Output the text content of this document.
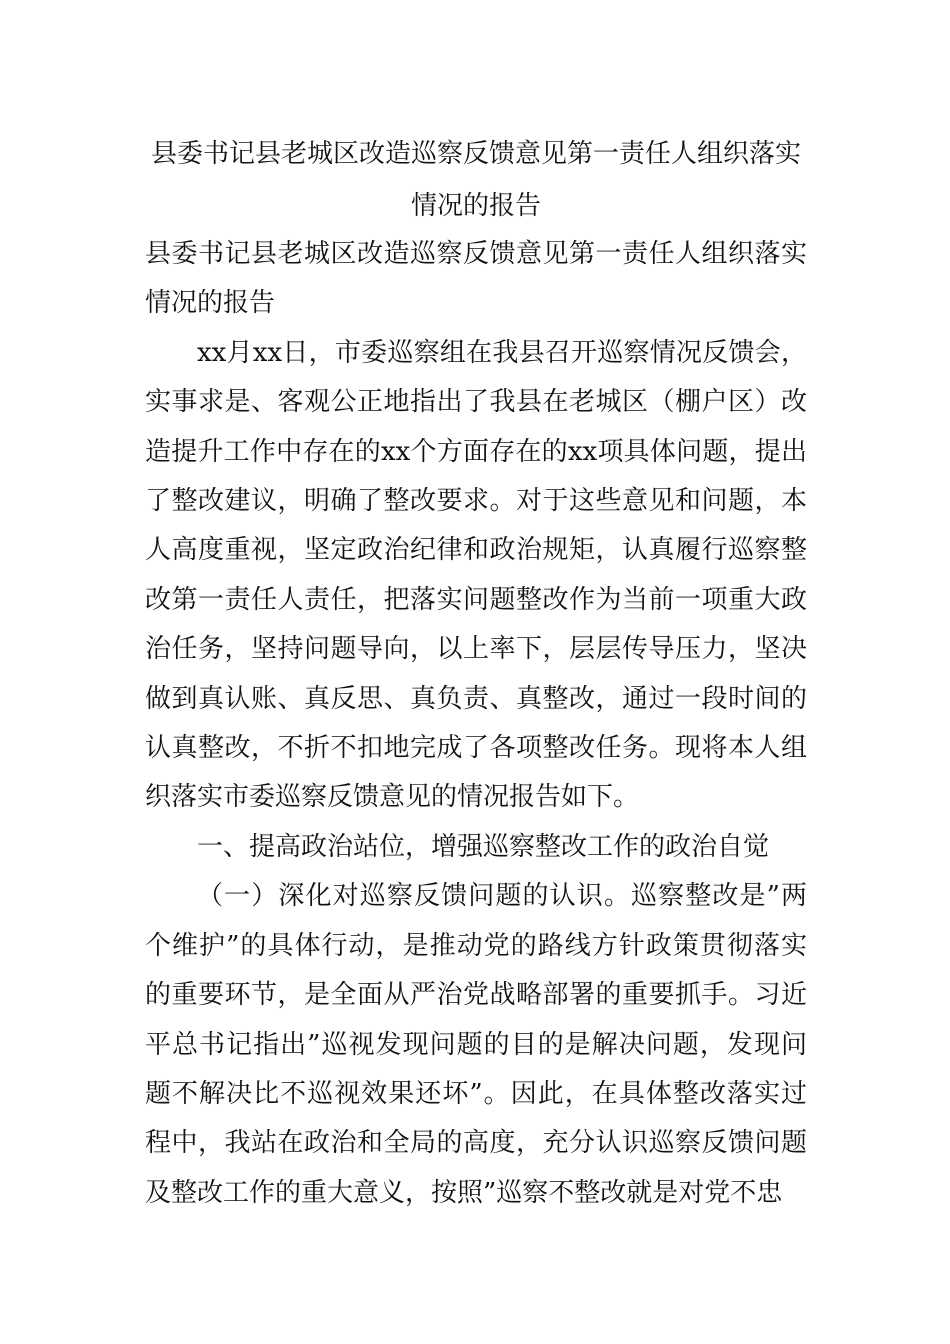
县委书记县老城区改造巡察反馈意见第一责任人组织落实情况的报告

县委书记县老城区改造巡察反馈意见第一责任人组织落实情况的报告

xx月xx日，市委巡察组在我县召开巡察情况反馈会，实事求是、客观公正地指出了我县在老城区（棚户区）改造提升工作中存在的xx个方面存在的xx项具体问题，提出了整改建议，明确了整改要求。对于这些意见和问题，本人高度重视，坚定政治纪律和政治规矩，认真履行巡察整改第一责任人责任，把落实问题整改作为当前一项重大政治任务，坚持问题导向，以上率下，层层传导压力，坚决做到真认账、真反思、真负责、真整改，通过一段时间的认真整改，不折不扣地完成了各项整改任务。现将本人组织落实市委巡察反馈意见的情况报告如下。

一、提高政治站位，增强巡察整改工作的政治自觉

（一）深化对巡察反馈问题的认识。巡察整改是”两个维护”的具体行动，是推动党的路线方针政策贯彻落实的重要环节，是全面从严治党战略部署的重要抓手。习近平总书记指出”巡视发现问题的目的是解决问题，发现问题不解决比不巡视效果还坏”。因此，在具体整改落实过程中，我站在政治和全局的高度，充分认识巡察反馈问题及整改工作的重大意义，按照”巡察不整改就是对党不忠
